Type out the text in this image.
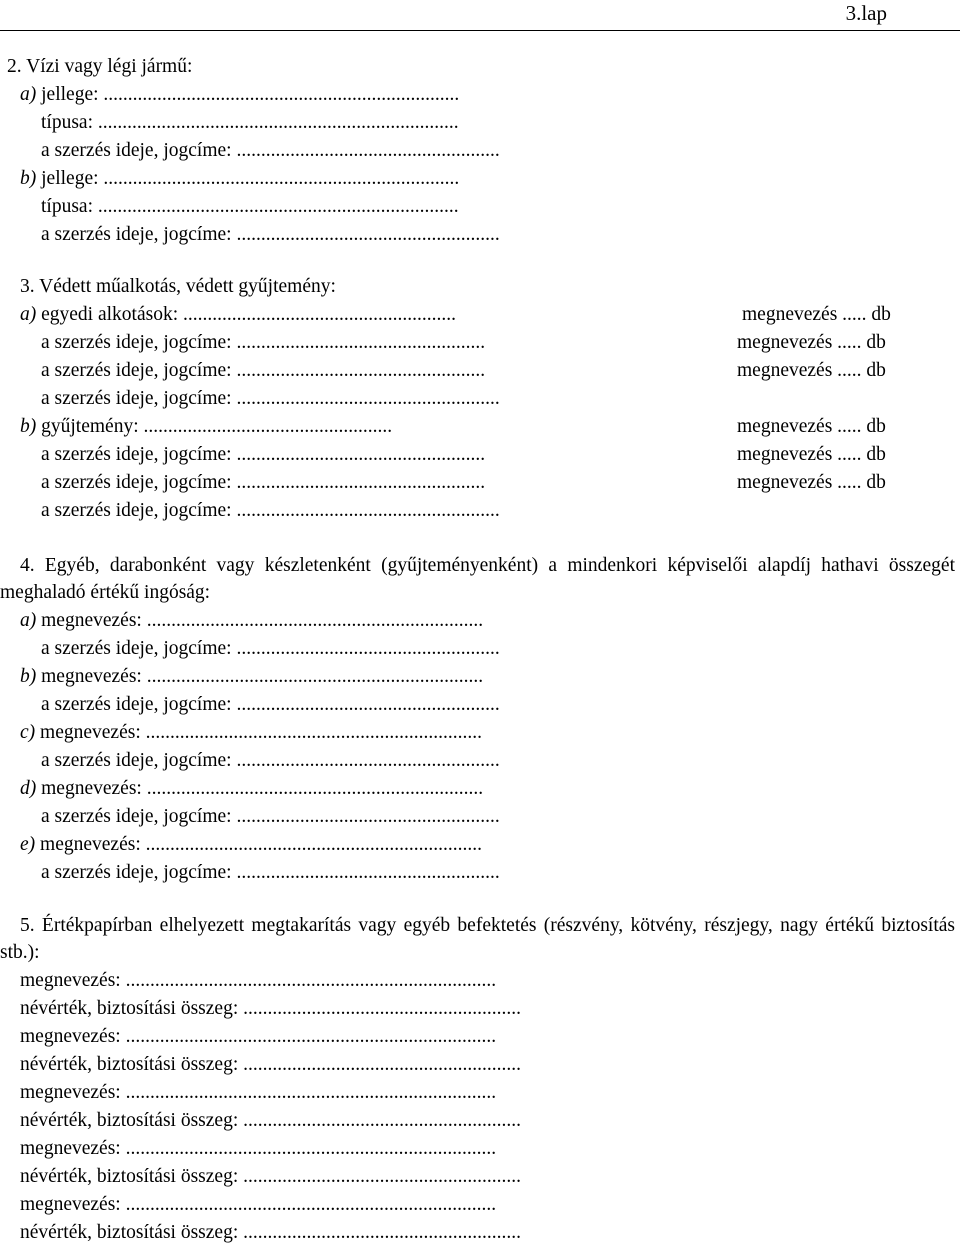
3.lap
2. Vízi vagy légi jármű:
a) jellege: .........................................................................
típusa: ..........................................................................
a szerzés ideje, jogcíme: ......................................................
b) jellege: .........................................................................
típusa: ..........................................................................
a szerzés ideje, jogcíme: ......................................................
3. Védett műalkotás, védett gyűjtemény:
a) egyedi alkotások: ........................................................	megnevezés ..... db
a szerzés ideje, jogcíme: ...................................................	megnevezés ..... db
a szerzés ideje, jogcíme: ...................................................	megnevezés ..... db
a szerzés ideje, jogcíme: ......................................................
b) gyűjtemény: ...................................................	megnevezés ..... db
a szerzés ideje, jogcíme: ...................................................	megnevezés ..... db
a szerzés ideje, jogcíme: ...................................................	megnevezés ..... db
a szerzés ideje, jogcíme: ......................................................
4. Egyéb, darabonként vagy készletenként (gyűjteményenként) a mindenkori képviselői alapdíj hathavi összegét meghaladó értékű ingóság:
a) megnevezés: .....................................................................
a szerzés ideje, jogcíme: ......................................................
b) megnevezés: .....................................................................
a szerzés ideje, jogcíme: ......................................................
c) megnevezés: .....................................................................
a szerzés ideje, jogcíme: ......................................................
d) megnevezés: .....................................................................
a szerzés ideje, jogcíme: ......................................................
e) megnevezés: .....................................................................
a szerzés ideje, jogcíme: ......................................................
5. Értékpapírban elhelyezett megtakarítás vagy egyéb befektetés (részvény, kötvény, részjegy, nagy értékű biztosítás stb.):
megnevezés: ............................................................................
névérték, biztosítási összeg: .........................................................
megnevezés: ............................................................................
névérték, biztosítási összeg: .........................................................
megnevezés: ............................................................................
névérték, biztosítási összeg: .........................................................
megnevezés: ............................................................................
névérték, biztosítási összeg: .........................................................
megnevezés: ............................................................................
névérték, biztosítási összeg: .........................................................
